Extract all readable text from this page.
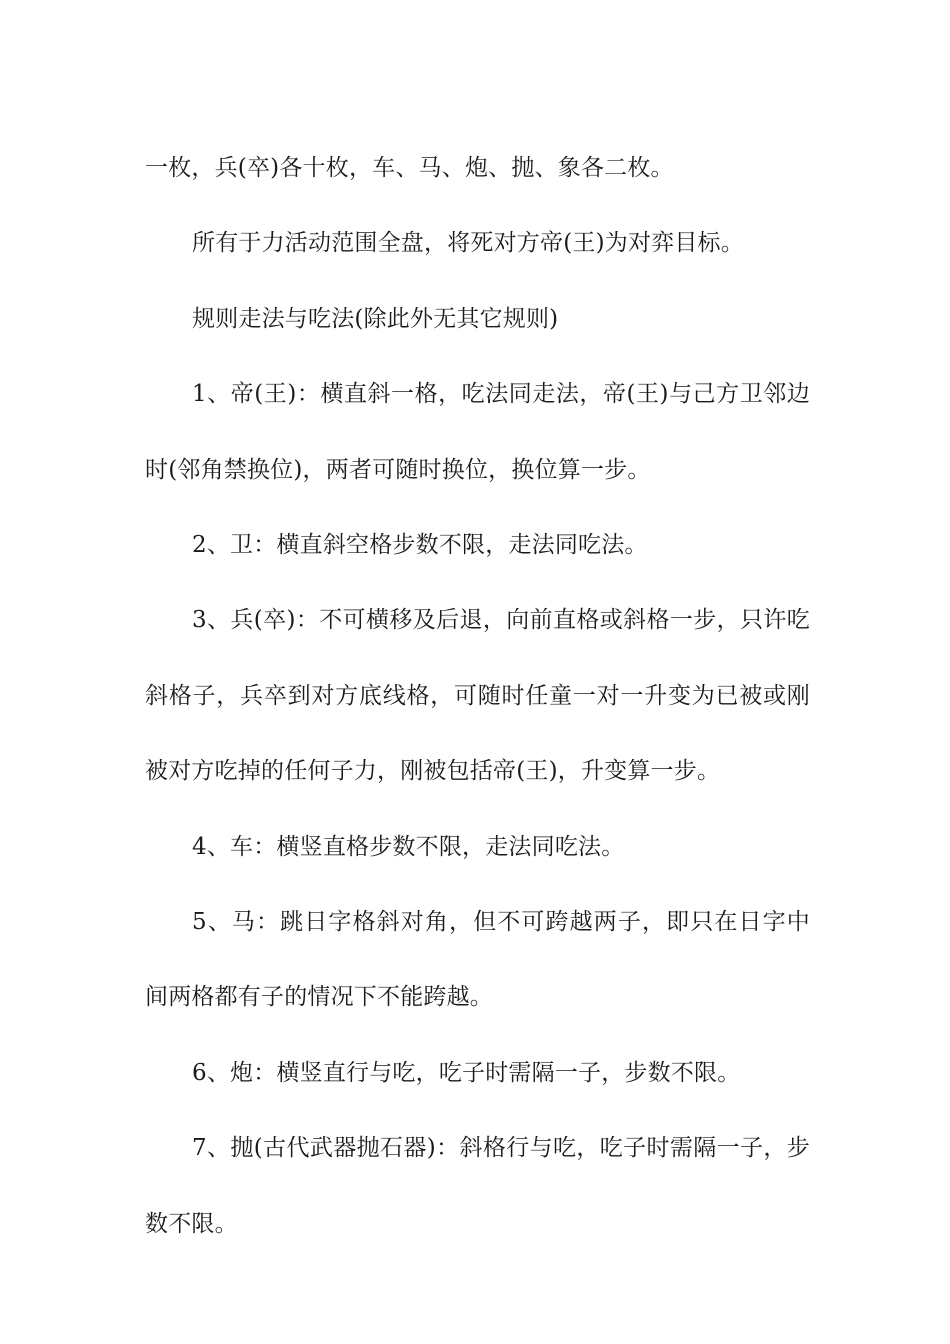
一枚，兵(卒)各十枚，车、马、炮、抛、象各二枚。

所有于力活动范围全盘，将死对方帝(王)为对弈目标。

规则走法与吃法(除此外无其它规则)

1、帝(王)：横直斜一格，吃法同走法，帝(王)与己方卫邻边时(邻角禁换位)，两者可随时换位，换位算一步。

2、卫：横直斜空格步数不限，走法同吃法。

3、兵(卒)：不可横移及后退，向前直格或斜格一步，只许吃斜格子，兵卒到对方底线格，可随时任童一对一升变为已被或刚被对方吃掉的任何子力，刚被包括帝(王)，升变算一步。

4、车：横竖直格步数不限，走法同吃法。

5、马：跳日字格斜对角，但不可跨越两子，即只在日字中间两格都有子的情况下不能跨越。

6、炮：横竖直行与吃，吃子时需隔一子，步数不限。

7、抛(古代武器抛石器)：斜格行与吃，吃子时需隔一子，步数不限。
